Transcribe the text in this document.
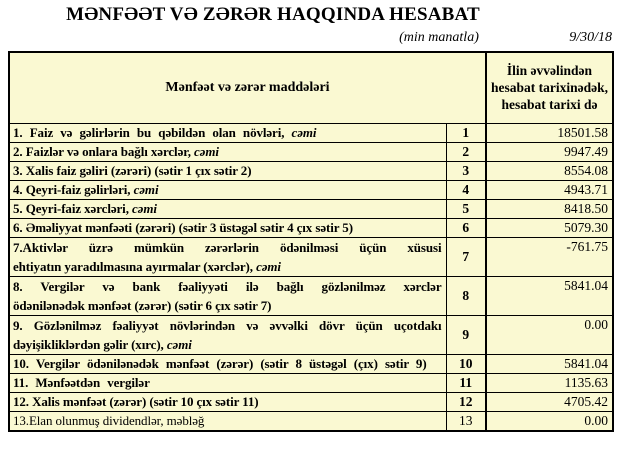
MƏNFƏƏT VƏ ZƏRƏR HAQQINDA HESABAT
(min manatla)	9/30/18
Mənfəət və zərər maddələri		İlin əvvəlindən hesabat tarixinədək, hesabat tarixi də
1. Faiz və gəlirlərin bu qəbildən olan növləri, cəmi	1	18501.58
2. Faizlər və onlara bağlı xərclər, cəmi	2	9947.49
3. Xalis faiz gəliri (zərəri) (sətir 1 çıx sətir 2)	3	8554.08
4. Qeyri-faiz gəlirləri, cəmi	4	4943.71
5. Qeyri-faiz xərcləri, cəmi	5	8418.50
6. Əməliyyat mənfəəti (zərəri) (sətir 3 üstəgəl sətir 4 çıx sətir 5)	6	5079.30

7.Aktivlər üzrə mümkün zərərlərin ödənilməsi üçün xüsusi
ehtiyatın yaradılmasına ayırmalar (xərclər), cəmi	7	-761.75

8. Vergilər və bank fəaliyyəti ilə bağlı gözlənilməz xərclər
ödənilənədək mənfəət (zərər) (sətir 6 çıx sətir 7)	8	5841.04

9. Gözlənilməz fəaliyyət növlərindən və əvvəlki dövr üçün uçotdakı
dəyişikliklərdən gəlir (xırc), cəmi	9	0.00
10. Vergilər ödənilənədək mənfəət (zərər) (sətir 8 üstəgəl (çıx) sətir 9)	10	5841.04
11. Mənfəətdən vergilər	11	1135.63
12. Xalis mənfəət (zərər) (sətir 10 çıx sətir 11)	12	4705.42
13.Elan olunmuş dividendlər, məbləğ	13	0.00
